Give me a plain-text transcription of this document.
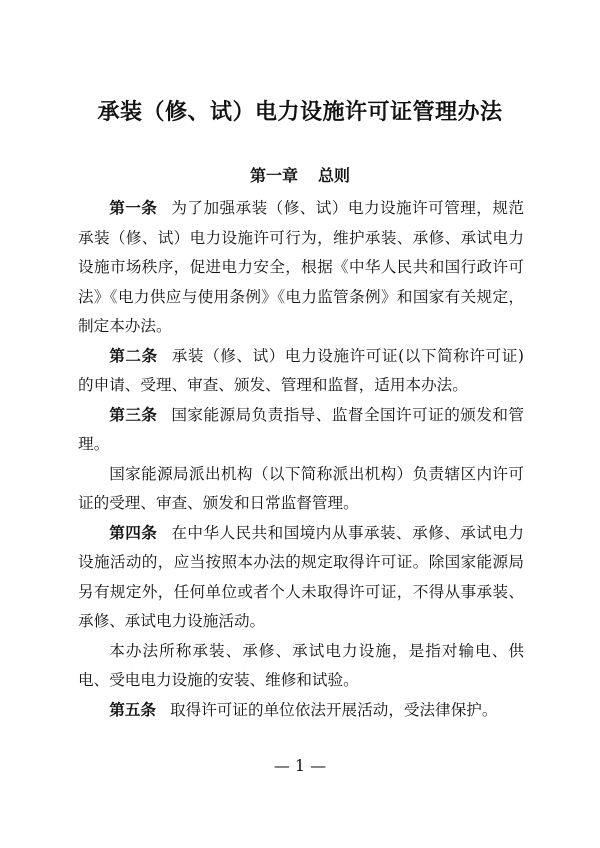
承装（修、试）电力设施许可证管理办法
第一章 总则

第一条 为了加强承装（修、试）电力设施许可管理，规范承装（修、试）电力设施许可行为，维护承装、承修、承试电力设施市场秩序，促进电力安全，根据《中华人民共和国行政许可法》《电力供应与使用条例》《电力监管条例》和国家有关规定，制定本办法。

第二条 承装（修、试）电力设施许可证(以下简称许可证)的申请、受理、审查、颁发、管理和监督，适用本办法。

第三条 国家能源局负责指导、监督全国许可证的颁发和管理。

国家能源局派出机构（以下简称派出机构）负责辖区内许可证的受理、审查、颁发和日常监督管理。

第四条 在中华人民共和国境内从事承装、承修、承试电力设施活动的，应当按照本办法的规定取得许可证。除国家能源局另有规定外，任何单位或者个人未取得许可证，不得从事承装、承修、承试电力设施活动。

本办法所称承装、承修、承试电力设施，是指对输电、供电、受电电力设施的安装、维修和试验。

第五条 取得许可证的单位依法开展活动，受法律保护。

— 1 —
